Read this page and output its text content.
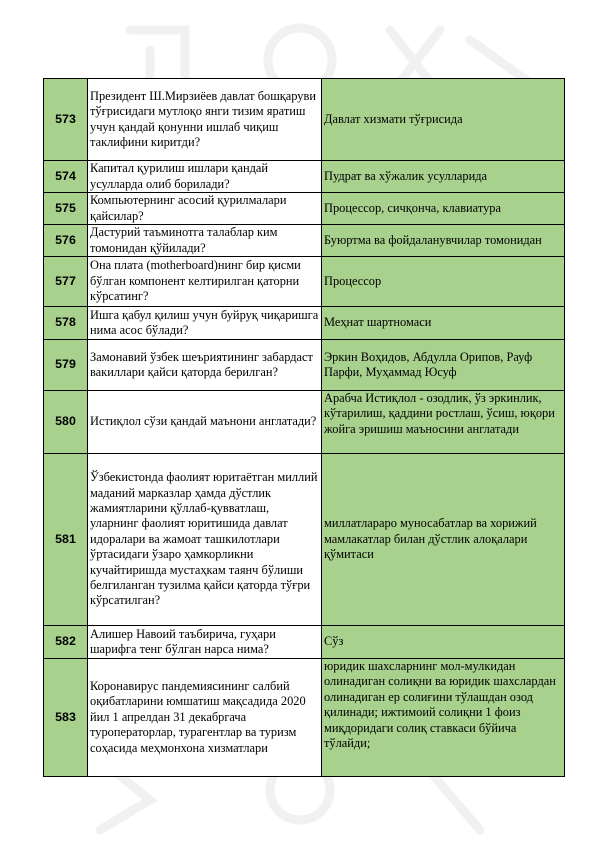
573	Президент Ш.Мирзиёев давлат бошқаруви тўғрисидаги мутлоқо янги тизим яратиш учун қандай қонунни ишлаб чиқиш таклифини киритди?	Давлат хизмати тўғрисида
574	Капитал қурилиш ишлари қандай усулларда олиб борилади?	Пудрат ва хўжалик усулларида
575	Компьютернинг асосий қурилмалари қайсилар?	Процессор, сичқонча, клавиатура
576	Дастурий таъминотга талаблар ким томонидан қўйилади?	Буюртма ва фойдаланувчилар томонидан
577	Она плата (motherboard)нинг бир қисми бўлган компонент келтирилган қаторни кўрсатинг?	Процессор
578	Ишга қабул қилиш учун буйруқ чиқаришга нима асос бўлади?	Меҳнат шартномаси
579	Замонавий ўзбек шеъриятининг забардаст вакиллари қайси қаторда берилган?	Эркин Воҳидов, Абдулла Орипов, Рауф Парфи, Муҳаммад Юсуф
580	Истиқлол сўзи қандай маънони англатади?	Арабча Истиқлол - озодлик, ўз эркинлик, кўтарилиш, қаддини ростлаш, ўсиш, юқори жойга эришиш маъносини англатади
581	Ўзбекистонда фаолият юритаётган миллий маданий марказлар ҳамда дўстлик жамиятларини қўллаб-қувватлаш, уларнинг фаолият юритишида давлат идоралари ва жамоат ташкилотлари ўртасидаги ўзаро ҳамкорликни кучайтиришда мустаҳкам таянч бўлиши белгиланган тузилма қайси қаторда тўғри кўрсатилган?	миллатлараро муносабатлар ва хорижий мамлакатлар билан дўстлик алоқалари қўмитаси
582	Алишер Навоий таъбирича, гуҳари шарифга тенг бўлган нарса нима?	Сўз
583	Коронавирус пандемиясининг салбий оқибатларини юмшатиш мақсадида 2020 йил 1 апрелдан 31 декабргача туроператорлар, турагентлар ва туризм соҳасида меҳмонхона хизматлари	юридик шахсларнинг мол-мулкидан олинадиган солиқни ва юридик шахслардан олинадиган ер солиғини тўлашдан озод қилинади; ижтимоий солиқни 1 фоиз миқдоридаги солиқ ставкаси бўйича тўлайди;
